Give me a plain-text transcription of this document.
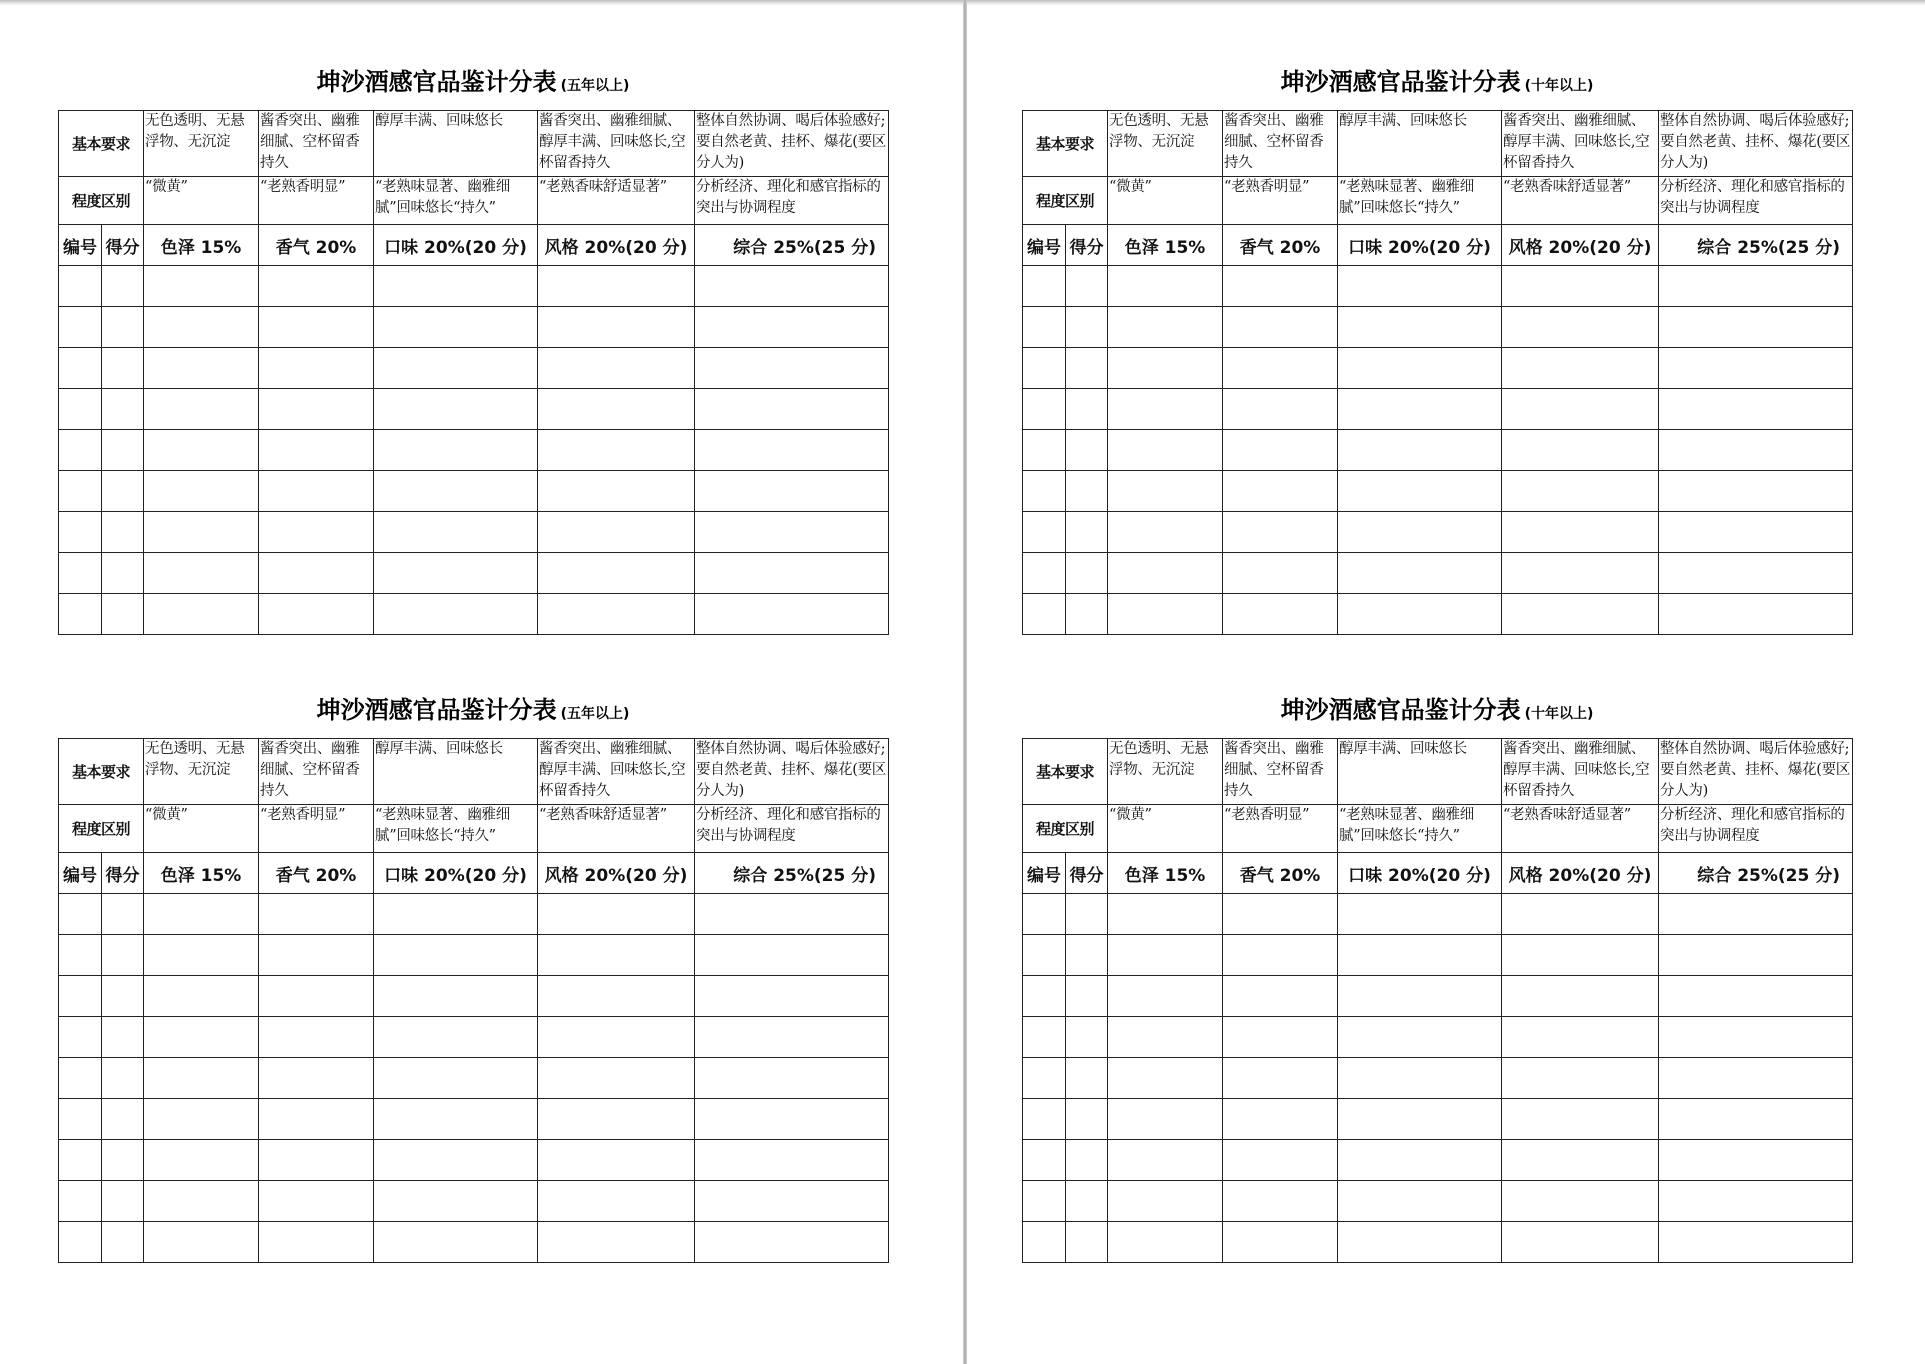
坤沙酒感官品鉴计分表 (五年以上)
基本要求		无色透明、无悬浮物、无沉淀	酱香突出、幽雅细腻、空杯留香持久	醇厚丰满、回味悠长	酱香突出、幽雅细腻、醇厚丰满、回味悠长,空杯留香持久	整体自然协调、喝后体验感好;要自然老黄、挂杯、爆花(要区分人为)
程度区别		“微黄”	“老熟香明显”	“老熟味显著、幽雅细腻”回味悠长“持久”	“老熟香味舒适显著”	分析经济、理化和感官指标的突出与协调程度
编号	得分	色泽 15%	香气 20%	口味 20%(20 分)	风格 20%(20 分)	综合 25%(25 分)

坤沙酒感官品鉴计分表 (十年以上)
基本要求		无色透明、无悬浮物、无沉淀	酱香突出、幽雅细腻、空杯留香持久	醇厚丰满、回味悠长	酱香突出、幽雅细腻、醇厚丰满、回味悠长,空杯留香持久	整体自然协调、喝后体验感好;要自然老黄、挂杯、爆花(要区分人为)
程度区别		“微黄”	“老熟香明显”	“老熟味显著、幽雅细腻”回味悠长“持久”	“老熟香味舒适显著”	分析经济、理化和感官指标的突出与协调程度
编号	得分	色泽 15%	香气 20%	口味 20%(20 分)	风格 20%(20 分)	综合 25%(25 分)

坤沙酒感官品鉴计分表 (五年以上)
基本要求		无色透明、无悬浮物、无沉淀	酱香突出、幽雅细腻、空杯留香持久	醇厚丰满、回味悠长	酱香突出、幽雅细腻、醇厚丰满、回味悠长,空杯留香持久	整体自然协调、喝后体验感好;要自然老黄、挂杯、爆花(要区分人为)
程度区别		“微黄”	“老熟香明显”	“老熟味显著、幽雅细腻”回味悠长“持久”	“老熟香味舒适显著”	分析经济、理化和感官指标的突出与协调程度
编号	得分	色泽 15%	香气 20%	口味 20%(20 分)	风格 20%(20 分)	综合 25%(25 分)

坤沙酒感官品鉴计分表 (十年以上)
基本要求		无色透明、无悬浮物、无沉淀	酱香突出、幽雅细腻、空杯留香持久	醇厚丰满、回味悠长	酱香突出、幽雅细腻、醇厚丰满、回味悠长,空杯留香持久	整体自然协调、喝后体验感好;要自然老黄、挂杯、爆花(要区分人为)
程度区别		“微黄”	“老熟香明显”	“老熟味显著、幽雅细腻”回味悠长“持久”	“老熟香味舒适显著”	分析经济、理化和感官指标的突出与协调程度
编号	得分	色泽 15%	香气 20%	口味 20%(20 分)	风格 20%(20 分)	综合 25%(25 分)
